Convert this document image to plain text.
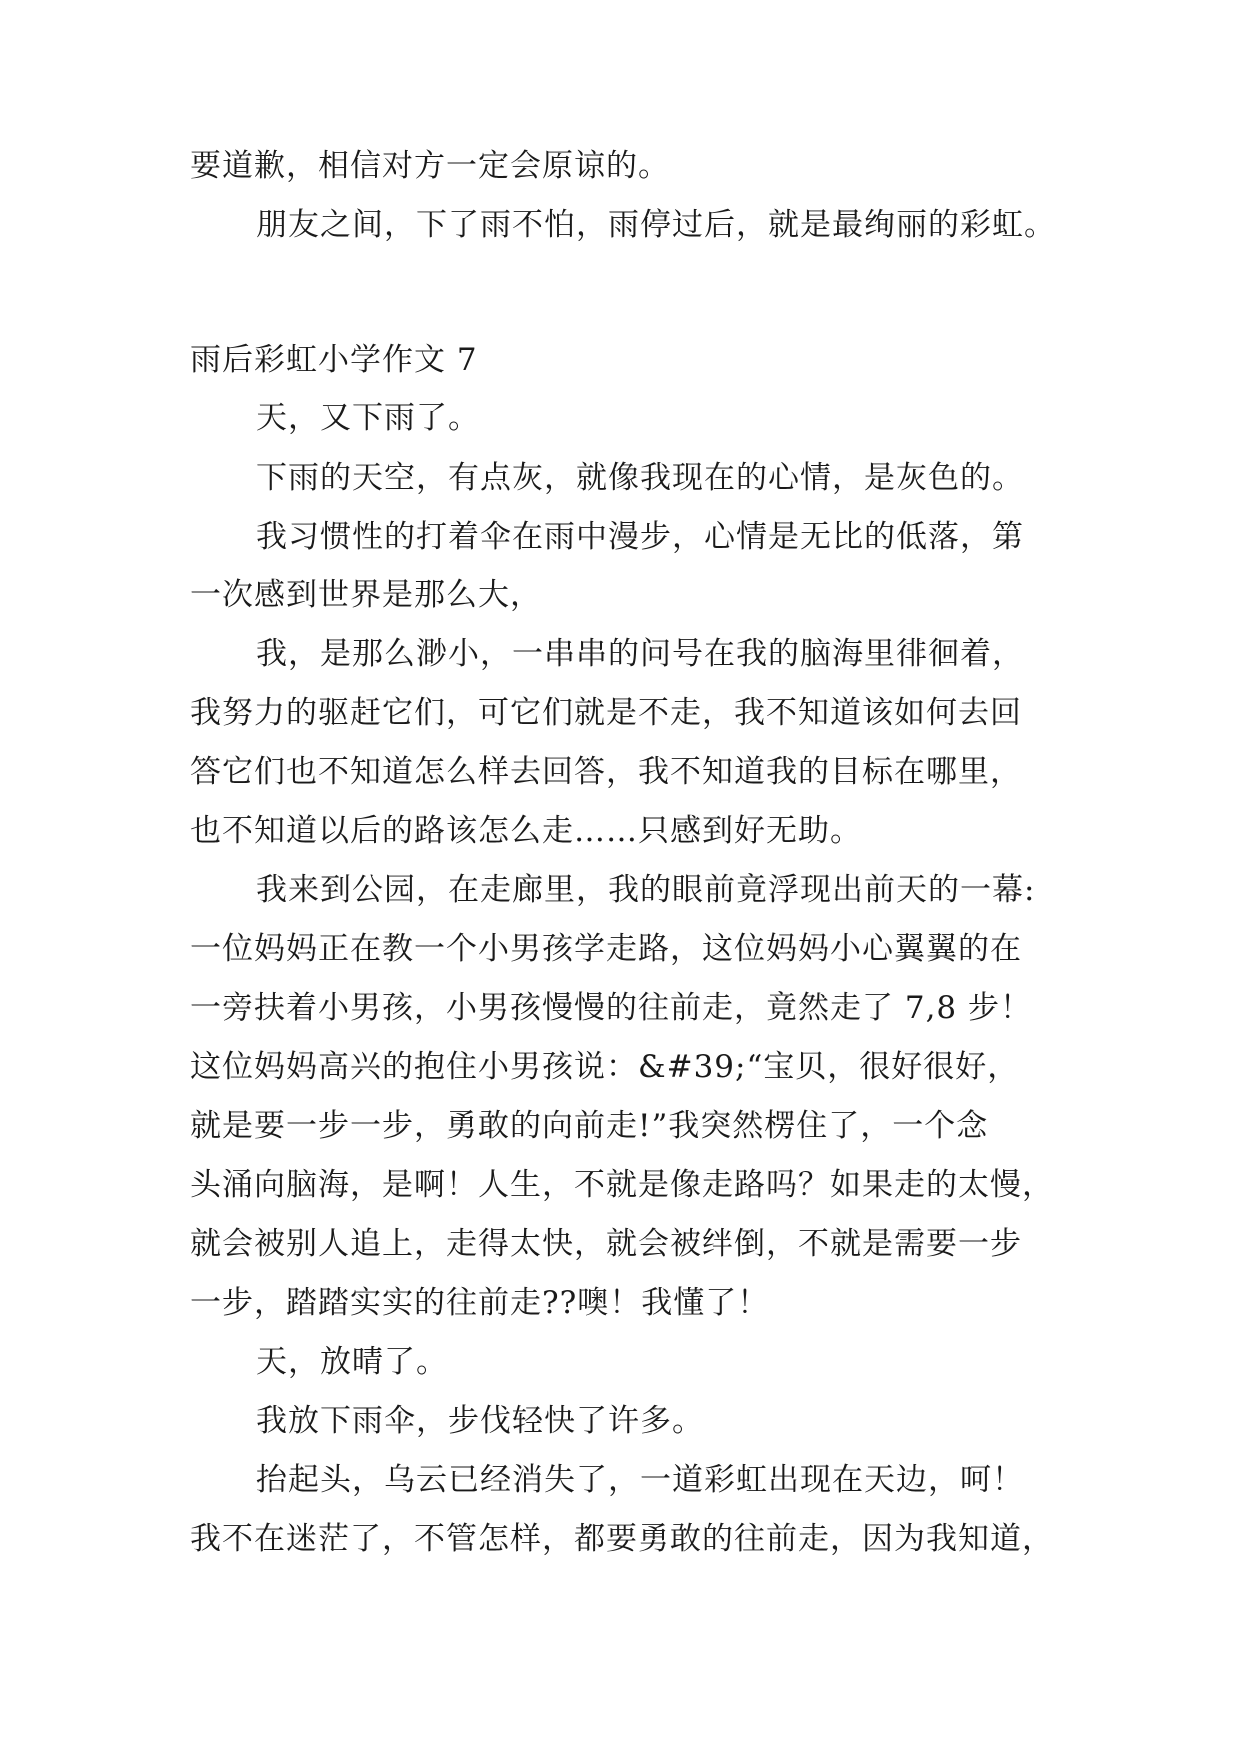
要道歉，相信对方一定会原谅的。
朋友之间，下了雨不怕，雨停过后，就是最绚丽的彩虹。
雨后彩虹小学作文 7
天，又下雨了。
下雨的天空，有点灰，就像我现在的心情，是灰色的。
我习惯性的打着伞在雨中漫步，心情是无比的低落，第
一次感到世界是那么大，
我，是那么渺小，一串串的问号在我的脑海里徘徊着，
我努力的驱赶它们，可它们就是不走，我不知道该如何去回
答它们也不知道怎么样去回答，我不知道我的目标在哪里，
也不知道以后的路该怎么走……只感到好无助。
我来到公园，在走廊里，我的眼前竟浮现出前天的一幕:
一位妈妈正在教一个小男孩学走路，这位妈妈小心翼翼的在
一旁扶着小男孩，小男孩慢慢的往前走，竟然走了 7,8 步！
这位妈妈高兴的抱住小男孩说：&#39;“宝贝，很好很好，
就是要一步一步，勇敢的向前走!”我突然楞住了，一个念
头涌向脑海，是啊！人生，不就是像走路吗？如果走的太慢，
就会被别人追上，走得太快，就会被绊倒，不就是需要一步
一步，踏踏实实的往前走??噢！我懂了！
天，放晴了。
我放下雨伞，步伐轻快了许多。
抬起头，乌云已经消失了，一道彩虹出现在天边，呵！
我不在迷茫了，不管怎样，都要勇敢的往前走，因为我知道，
